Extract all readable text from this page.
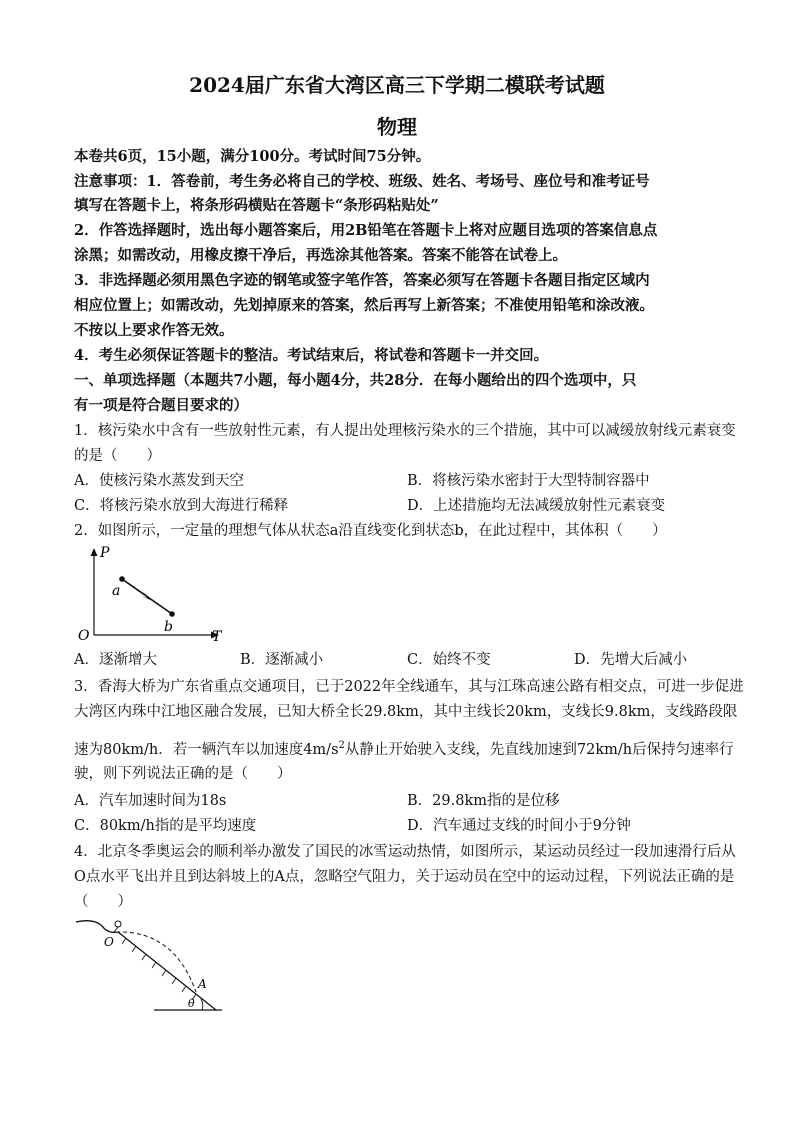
2024届广东省大湾区高三下学期二模联考试题
物理
本卷共6页，15小题，满分100分。考试时间75分钟。
注意事项：1．答卷前，考生务必将自己的学校、班级、姓名、考场号、座位号和准考证号
填写在答题卡上，将条形码横贴在答题卡“条形码粘贴处”
2．作答选择题时，选出每小题答案后，用2B铅笔在答题卡上将对应题目选项的答案信息点
涂黑；如需改动，用橡皮擦干净后，再选涂其他答案。答案不能答在试卷上。
3．非选择题必须用黑色字迹的钢笔或签字笔作答，答案必须写在答题卡各题目指定区域内
相应位置上；如需改动，先划掉原来的答案，然后再写上新答案；不准使用铅笔和涂改液。
不按以上要求作答无效。
4．考生必须保证答题卡的整洁。考试结束后，将试卷和答题卡一并交回。
一、单项选择题（本题共7小题，每小题4分，共28分．在每小题给出的四个选项中，只
有一项是符合题目要求的）
1．核污染水中含有一些放射性元素，有人提出处理核污染水的三个措施，其中可以减缓放射线元素衰变
的是（　　）
A．使核污染水蒸发到天空	B．将核污染水密封于大型特制容器中
C．将核污染水放到大海进行稀释	D．上述措施均无法减缓放射性元素衰变
2．如图所示，一定量的理想气体从状态a沿直线变化到状态b，在此过程中，其体积（　　）
P
T
O
a
b
A．逐渐增大	B．逐渐减小	C．始终不变	D．先增大后减小
3．香海大桥为广东省重点交通项目，已于2022年全线通车，其与江珠高速公路有相交点，可进一步促进
大湾区内珠中江地区融合发展，已知大桥全长29.8km，其中主线长20km，支线长9.8km，支线路段限
速为80km/h．若一辆汽车以加速度$4m/s^2$从静止开始驶入支线，先直线加速到72km/h后保持匀速率行
驶，则下列说法正确的是（　　）
A．汽车加速时间为18s	B．29.8km指的是位移
C．80km/h指的是平均速度	D．汽车通过支线的时间小于9分钟
4．北京冬季奥运会的顺利举办激发了国民的冰雪运动热情，如图所示，某运动员经过一段加速滑行后从
O点水平飞出并且到达斜坡上的A点，忽略空气阻力，关于运动员在空中的运动过程，下列说法正确的是
（　　）
O
A
θ
